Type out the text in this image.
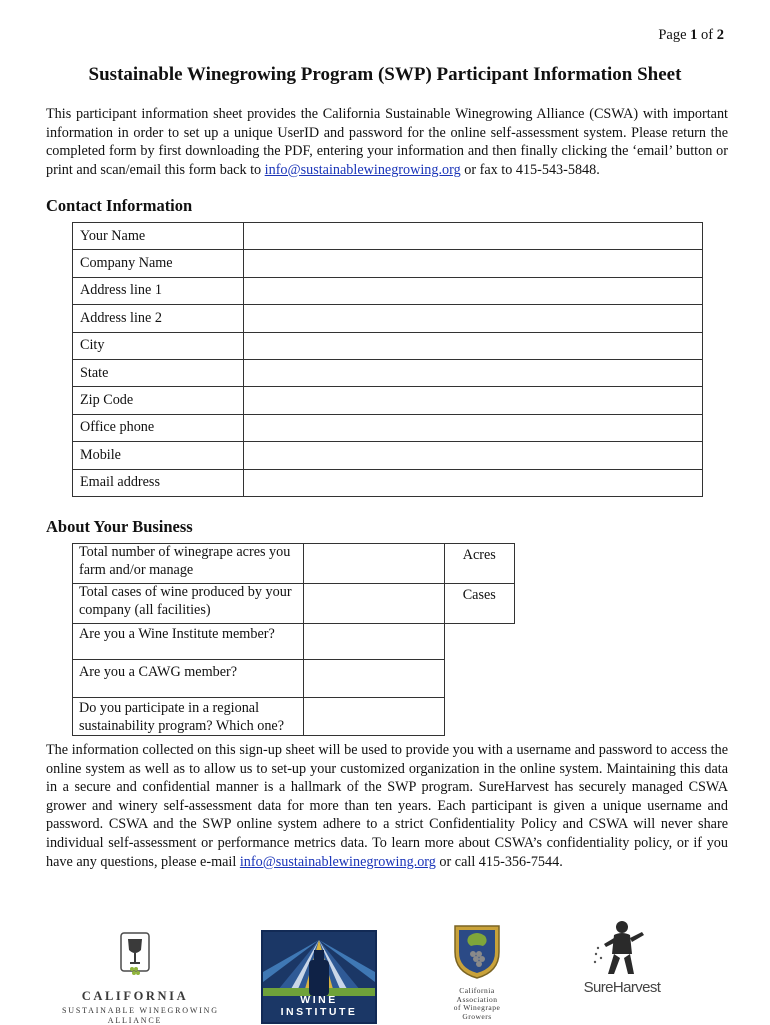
Page 1 of 2
Sustainable Winegrowing Program (SWP) Participant Information Sheet

This participant information sheet provides the California Sustainable Winegrowing Alliance (CSWA) with important information in order to set up a unique UserID and password for the online self-assessment system. Please return the completed form by first downloading the PDF, entering your information and then finally clicking the ‘email’ button or print and scan/email this form back to info@sustainablewinegrowing.org or fax to 415-543-5848.

Contact Information
Your Name	
Company Name	
Address line 1	
Address line 2	
City	
State	
Zip Code	
Office phone	
Mobile	
Email address	
About Your Business
Total number of winegrape acres you farm and/or manage		Acres
Total cases of wine produced by your company (all facilities)		Cases
Are you a Wine Institute member?		
Are you a CAWG member?		
Do you participate in a regional sustainability program? Which one?		

The information collected on this sign-up sheet will be used to provide you with a username and password to access the online system as well as to allow us to set-up your customized organization in the online system. Maintaining this data in a secure and confidential manner is a hallmark of the SWP program. SureHarvest has securely managed CSWA grower and winery self-assessment data for more than ten years. Each participant is given a unique username and password. CSWA and the SWP online system adhere to a strict Confidentiality Policy and CSWA will never share individual self-assessment or performance metrics data. To learn more about CSWA’s confidentiality policy, or if you have any questions, please e-mail info@sustainablewinegrowing.org or call 415-356-7544.

CALIFORNIA
SUSTAINABLE WINEGROWING
ALLIANCE
WINE
INSTITUTE
California
Association
of Winegrape
Growers
SureHarvest
